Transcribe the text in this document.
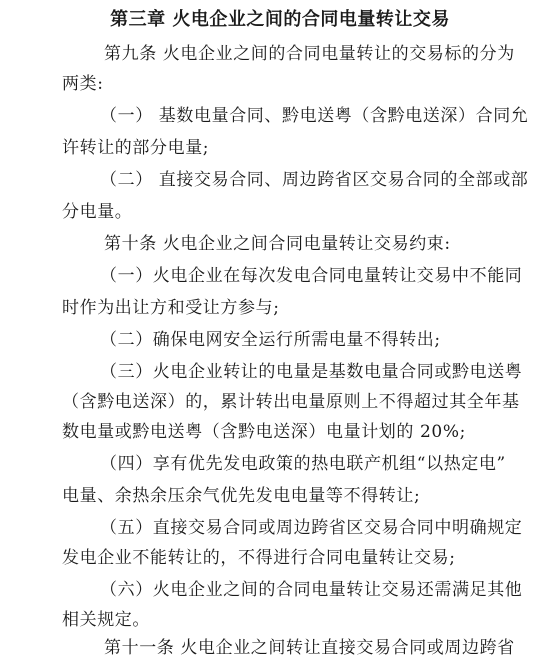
第三章 火电企业之间的合同电量转让交易
第九条 火电企业之间的合同电量转让的交易标的分为
两类:
（一） 基数电量合同、黔电送粤（含黔电送深）合同允
许转让的部分电量;
（二） 直接交易合同、周边跨省区交易合同的全部或部
分电量。
第十条 火电企业之间合同电量转让交易约束:
（一）火电企业在每次发电合同电量转让交易中不能同
时作为出让方和受让方参与;
（二）确保电网安全运行所需电量不得转出;
（三）火电企业转让的电量是基数电量合同或黔电送粤
（含黔电送深）的，累计转出电量原则上不得超过其全年基
数电量或黔电送粤（含黔电送深）电量计划的 20%;
（四）享有优先发电政策的热电联产机组“以热定电”
电量、余热余压余气优先发电电量等不得转让;
（五）直接交易合同或周边跨省区交易合同中明确规定
发电企业不能转让的，不得进行合同电量转让交易;
（六）火电企业之间的合同电量转让交易还需满足其他
相关规定。
第十一条 火电企业之间转让直接交易合同或周边跨省
